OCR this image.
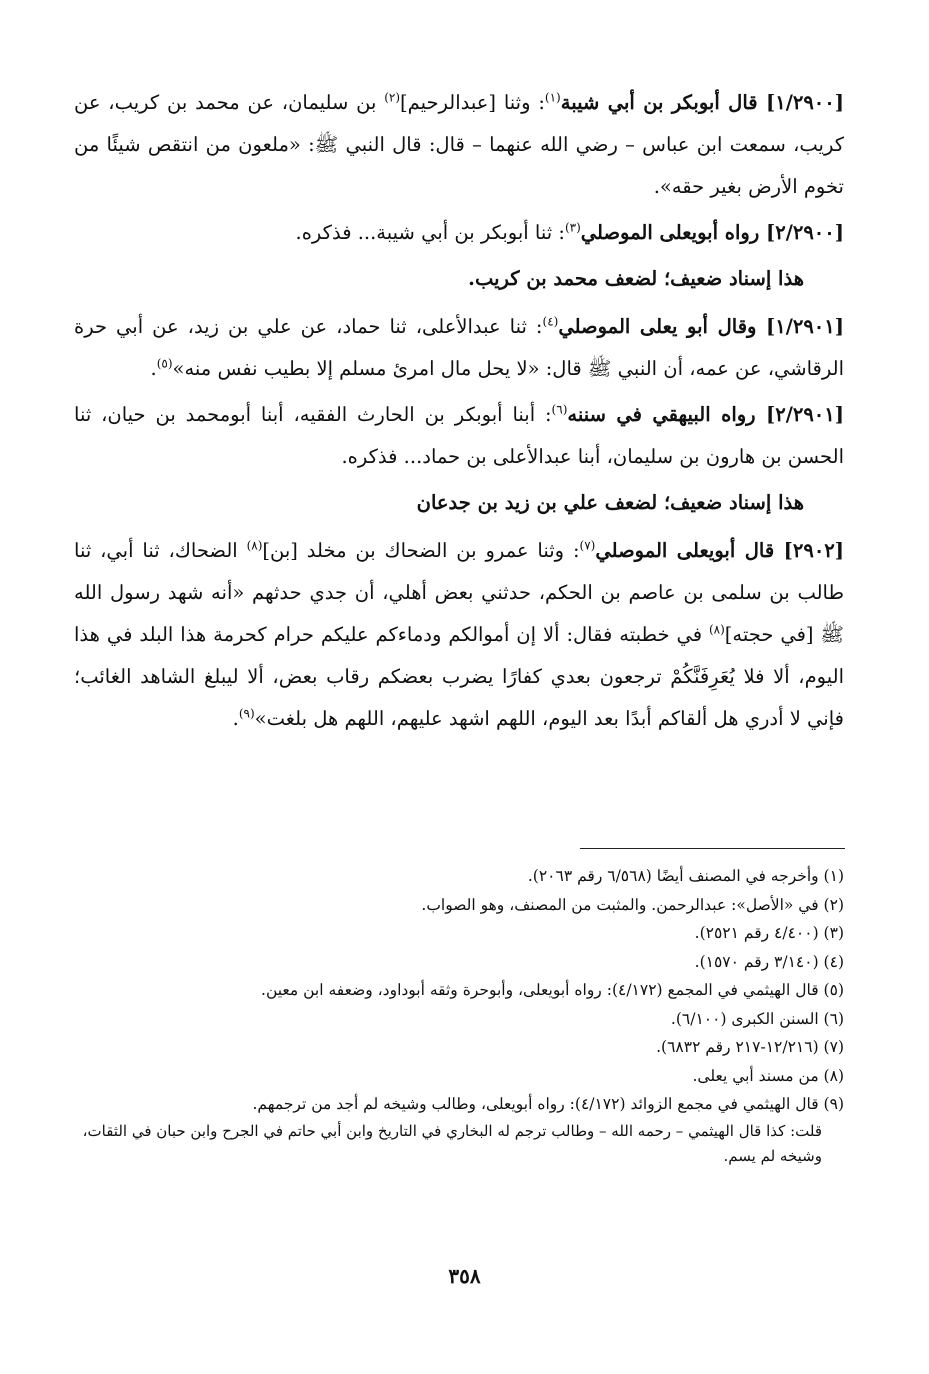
[١/٢٩٠٠] قال أبوبكر بن أبي شيبة$^{(١)}$: وثنا [عبدالرحيم]$^{(٢)}$ بن سليمان، عن محمد بن كريب، عن كريب، سمعت ابن عباس – رضي الله عنهما – قال: قال النبي ﷺ: «ملعون من انتقص شيئًا من تخوم الأرض بغير حقه».

[٢/٢٩٠٠] رواه أبويعلى الموصلي$^{(٣)}$: ثنا أبوبكر بن أبي شيبة... فذكره.

هذا إسناد ضعيف؛ لضعف محمد بن كريب.

[١/٢٩٠١] وقال أبو يعلى الموصلي$^{(٤)}$: ثنا عبدالأعلى، ثنا حماد، عن علي بن زيد، عن أبي حرة الرقاشي، عن عمه، أن النبي ﷺ قال: «لا يحل مال امرئ مسلم إلا بطيب نفس منه»$^{(٥)}$.

[٢/٢٩٠١] رواه البيهقي في سننه$^{(٦)}$: أبنا أبوبكر بن الحارث الفقيه، أبنا أبومحمد بن حيان، ثنا الحسن بن هارون بن سليمان، أبنا عبدالأعلى بن حماد... فذكره.

هذا إسناد ضعيف؛ لضعف علي بن زيد بن جدعان

[٢٩٠٢] قال أبويعلى الموصلي$^{(٧)}$: وثنا عمرو بن الضحاك بن مخلد [بن]$^{(٨)}$ الضحاك، ثنا أبي، ثنا طالب بن سلمى بن عاصم بن الحكم، حدثني بعض أهلي، أن جدي حدثهم «أنه شهد رسول الله ﷺ [في حجته]$^{(٨)}$ في خطبته فقال: ألا إن أموالكم ودماءكم عليكم حرام كحرمة هذا البلد في هذا اليوم، ألا فلا يُعَرِفَنَّكُمْ ترجعون بعدي كفارًا يضرب بعضكم رقاب بعض، ألا ليبلغ الشاهد الغائب؛ فإني لا أدري هل ألقاكم أبدًا بعد اليوم، اللهم اشهد عليهم، اللهم هل بلغت»$^{(٩)}$.

(١) وأخرجه في المصنف أيضًا (٦/٥٦٨ رقم ٢٠٦٣).

(٢) في «الأصل»: عبدالرحمن. والمثبت من المصنف، وهو الصواب.

(٣) (٤/٤٠٠ رقم ٢٥٢١).

(٤) (٣/١٤٠ رقم ١٥٧٠).

(٥) قال الهيثمي في المجمع (٤/١٧٢): رواه أبويعلى، وأبوحرة وثقه أبوداود، وضعفه ابن معين.

(٦) السنن الكبرى (٦/١٠٠).

(٧) (١٢/٢١٦-٢١٧ رقم ٦٨٣٢).

(٨) من مسند أبي يعلى.

(٩) قال الهيثمي في مجمع الزوائد (٤/١٧٢): رواه أبويعلى، وطالب وشيخه لم أجد من ترجمهم.

قلت: كذا قال الهيثمي – رحمه الله – وطالب ترجم له البخاري في التاريخ وابن أبي حاتم في الجرح وابن حبان في الثقات، وشيخه لم يسم.

٣٥٨
